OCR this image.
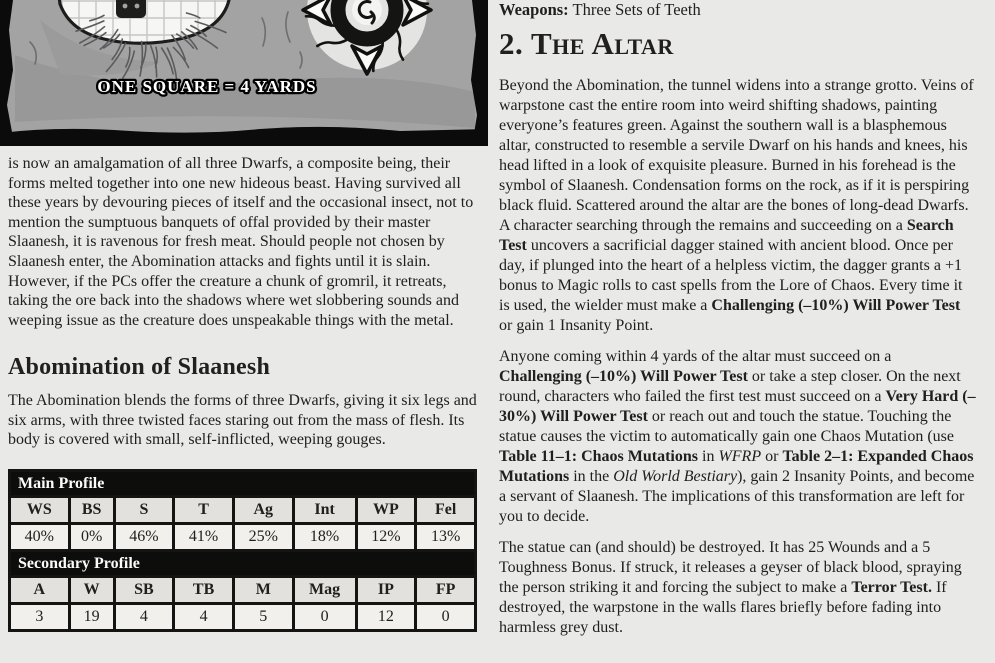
ONE SQUARE = 4 YARDS

is now an amalgamation of all three Dwarfs, a composite being, their forms melted together into one new hideous beast. Having survived all these years by devouring pieces of itself and the occasional insect, not to mention the sumptuous banquets of offal provided by their master Slaanesh, it is ravenous for fresh meat. Should people not chosen by Slaanesh enter, the Abomination attacks and fights until it is slain. However, if the PCs offer the creature a chunk of gromril, it retreats, taking the ore back into the shadows where wet slobbering sounds and weeping issue as the creature does unspeakable things with the metal.

Abomination of Slaanesh

The Abomination blends the forms of three Dwarfs, giving it six legs and six arms, with three twisted faces staring out from the mass of flesh. Its body is covered with small, self-inflicted, weeping gouges.

Main Profile							
WS	BS	S	T	Ag	Int	WP	Fel
40%	0%	46%	41%	25%	18%	12%	13%
Secondary Profile							
A	W	SB	TB	M	Mag	IP	FP
3	19	4	4	5	0	12	0

Weapons: Three Sets of Teeth

2. The Altar

Beyond the Abomination, the tunnel widens into a strange grotto. Veins of warpstone cast the entire room into weird shifting shadows, painting everyone’s features green. Against the southern wall is a blasphemous altar, constructed to resemble a servile Dwarf on his hands and knees, his head lifted in a look of exquisite pleasure. Burned in his forehead is the symbol of Slaanesh. Condensation forms on the rock, as if it is perspiring black fluid. Scattered around the altar are the bones of long-dead Dwarfs. A character searching through the remains and succeeding on a Search Test uncovers a sacrificial dagger stained with ancient blood. Once per day, if plunged into the heart of a helpless victim, the dagger grants a +1 bonus to Magic rolls to cast spells from the Lore of Chaos. Every time it is used, the wielder must make a Challenging (–10%) Will Power Test or gain 1 Insanity Point.

Anyone coming within 4 yards of the altar must succeed on a Challenging (–10%) Will Power Test or take a step closer. On the next round, characters who failed the first test must succeed on a Very Hard (–30%) Will Power Test or reach out and touch the statue. Touching the statue causes the victim to automatically gain one Chaos Mutation (use Table 11–1: Chaos Mutations in WFRP or Table 2–1: Expanded Chaos Mutations in the Old World Bestiary), gain 2 Insanity Points, and become a servant of Slaanesh. The implications of this transformation are left for you to decide.

The statue can (and should) be destroyed. It has 25 Wounds and a 5 Toughness Bonus. If struck, it releases a geyser of black blood, spraying the person striking it and forcing the subject to make a Terror Test. If destroyed, the warpstone in the walls flares briefly before fading into harmless grey dust.
